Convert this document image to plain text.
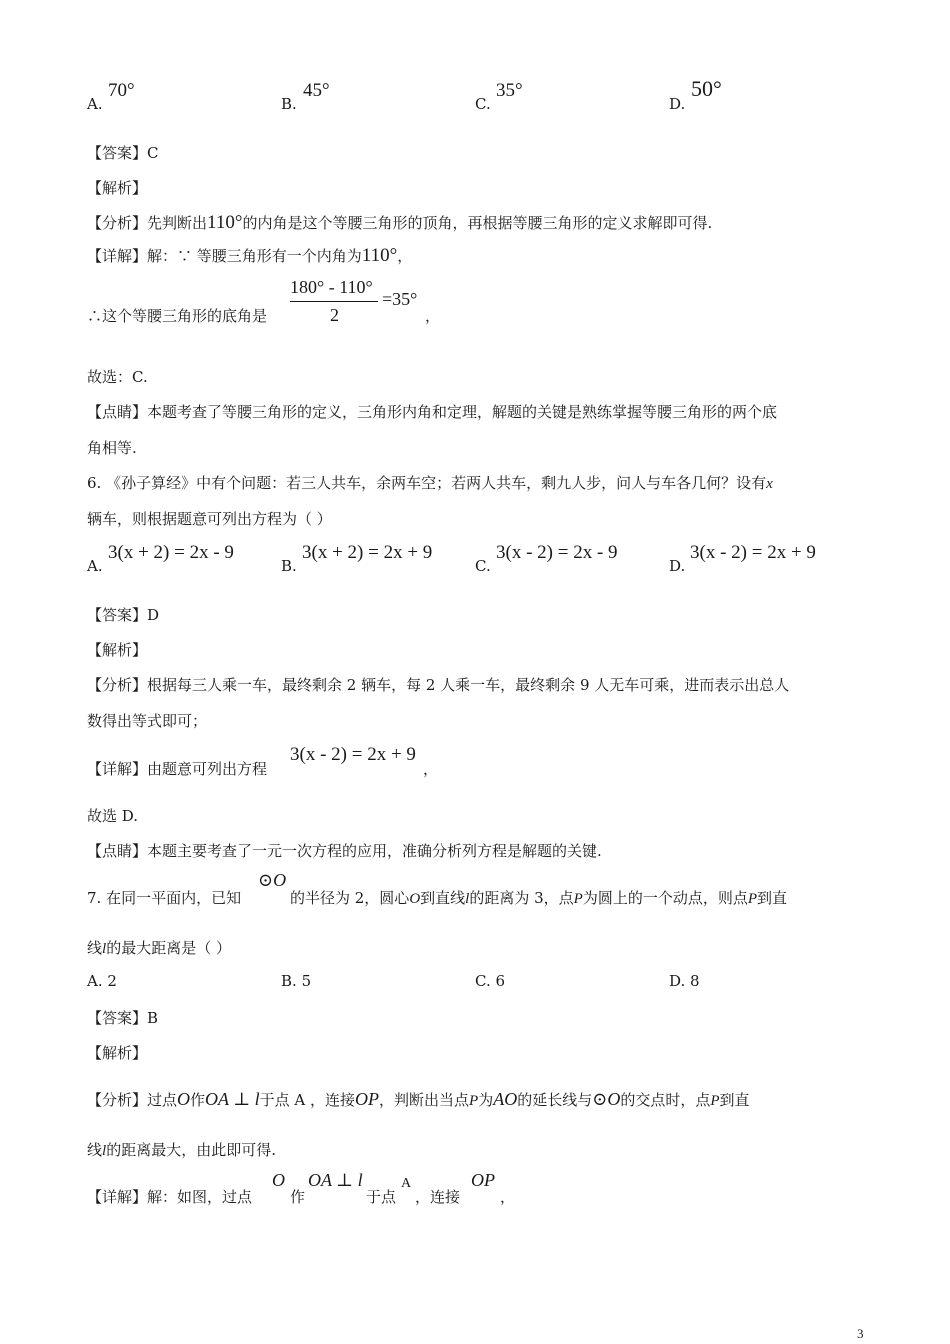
A.
70°
B.
45°
C.
35°
D.
50°
【答案】C
【解析】
【分析】先判断出110°的内角是这个等腰三角形的顶角，再根据等腰三角形的定义求解即可得.
【详解】解：∵ 等腰三角形有一个内角为110°，
∴这个等腰三角形的底角是
180° - 110°
2
=35°
，
故选：C.
【点睛】本题考查了等腰三角形的定义，三角形内角和定理，解题的关键是熟练掌握等腰三角形的两个底
角相等.
6. 《孙子算经》中有个问题：若三人共车，余两车空；若两人共车，剩九人步，问人与车各几何？设有x
辆车，则根据题意可列出方程为（ ）
A.
3(x + 2) = 2x - 9
B.
3(x + 2) = 2x + 9
C.
3(x - 2) = 2x - 9
D.
3(x - 2) = 2x + 9
【答案】D
【解析】
【分析】根据每三人乘一车，最终剩余 2 辆车，每 2 人乘一车，最终剩余 9 人无车可乘，进而表示出总人
数得出等式即可；
【详解】由题意可列出方程
3(x - 2) = 2x + 9
，
故选 D.
【点睛】本题主要考查了一元一次方程的应用，准确分析列方程是解题的关键.
7. 在同一平面内，已知
⊙O
的半径为 2，圆心O到直线l的距离为 3，点P为圆上的一个动点，则点P到直
线l的最大距离是（ ）
A. 2	B. 5	C. 6	D. 8
【答案】B
【解析】
【分析】过点O作OA ⊥ l于点 A ，连接OP，判断出当点P为AO的延长线与⊙O的交点时，点P到直
线l的距离最大，由此即可得.
【详解】解：如图，过点
O
作
OA ⊥ l
于点
A
，连接
OP
，
3
